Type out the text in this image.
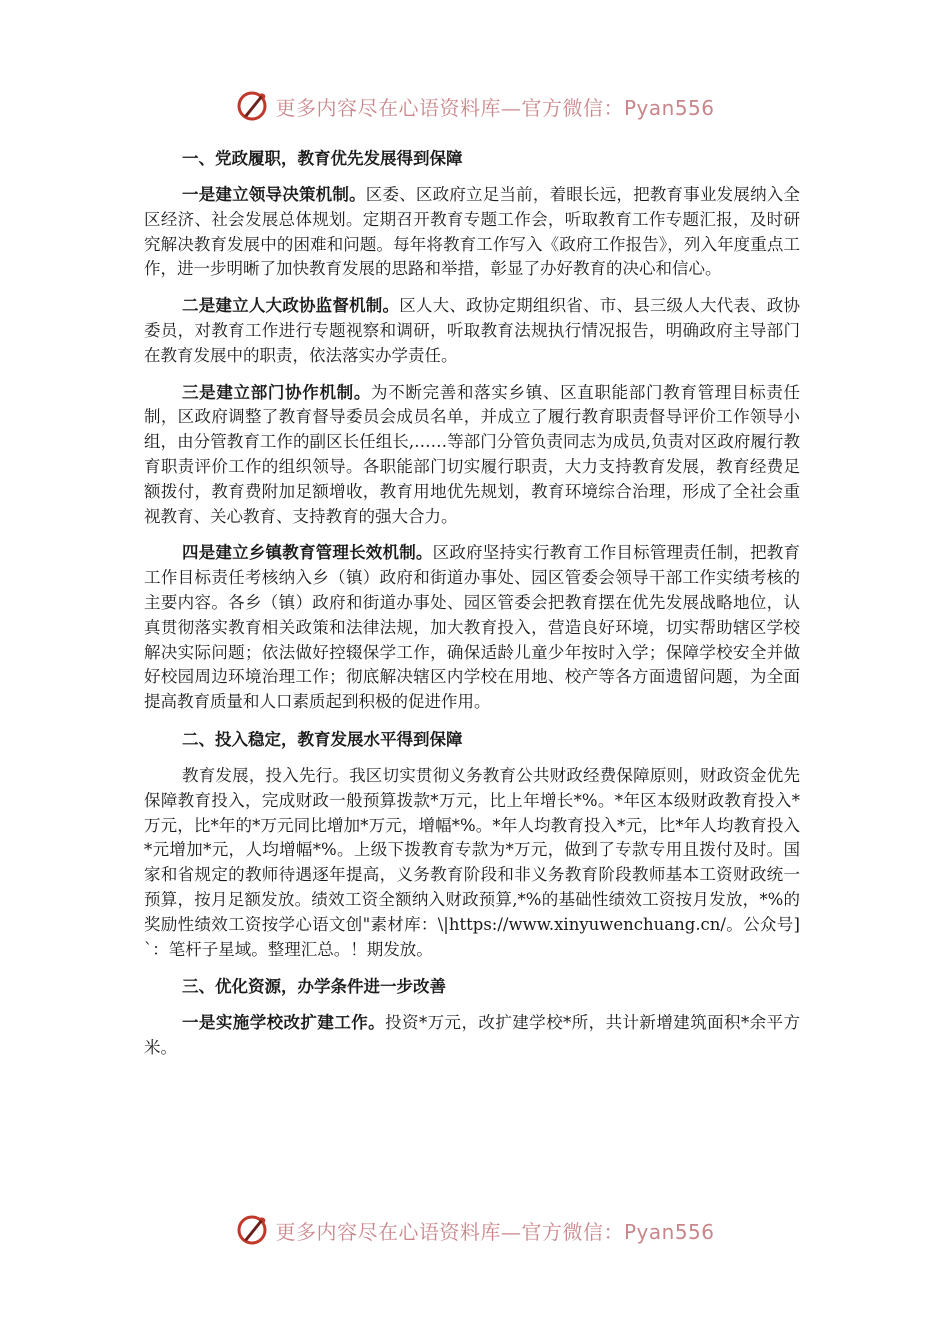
更多内容尽在心语资料库—官方微信：Pyan556
一、党政履职，教育优先发展得到保障

一是建立领导决策机制。区委、区政府立足当前，着眼长远，把教育事业发展纳入全区经济、社会发展总体规划。定期召开教育专题工作会，听取教育工作专题汇报，及时研究解决教育发展中的困难和问题。每年将教育工作写入《政府工作报告》，列入年度重点工作，进一步明晰了加快教育发展的思路和举措，彰显了办好教育的决心和信心。

二是建立人大政协监督机制。区人大、政协定期组织省、市、县三级人大代表、政协委员，对教育工作进行专题视察和调研，听取教育法规执行情况报告，明确政府主导部门在教育发展中的职责，依法落实办学责任。

三是建立部门协作机制。为不断完善和落实乡镇、区直职能部门教育管理目标责任制，区政府调整了教育督导委员会成员名单，并成立了履行教育职责督导评价工作领导小组，由分管教育工作的副区长任组长,……等部门分管负责同志为成员,负责对区政府履行教育职责评价工作的组织领导。各职能部门切实履行职责，大力支持教育发展，教育经费足额拨付，教育费附加足额增收，教育用地优先规划，教育环境综合治理，形成了全社会重视教育、关心教育、支持教育的强大合力。

四是建立乡镇教育管理长效机制。区政府坚持实行教育工作目标管理责任制，把教育工作目标责任考核纳入乡（镇）政府和街道办事处、园区管委会领导干部工作实绩考核的主要内容。各乡（镇）政府和街道办事处、园区管委会把教育摆在优先发展战略地位，认真贯彻落实教育相关政策和法律法规，加大教育投入，营造良好环境，切实帮助辖区学校解决实际问题；依法做好控辍保学工作，确保适龄儿童少年按时入学；保障学校安全并做好校园周边环境治理工作；彻底解决辖区内学校在用地、校产等各方面遗留问题，为全面提高教育质量和人口素质起到积极的促进作用。

二、投入稳定，教育发展水平得到保障

教育发展，投入先行。我区切实贯彻义务教育公共财政经费保障原则，财政资金优先保障教育投入，完成财政一般预算拨款*万元，比上年增长*%。*年区本级财政教育投入*万元，比*年的*万元同比增加*万元，增幅*%。*年人均教育投入*元，比*年人均教育投入*元增加*元，人均增幅*%。上级下拨教育专款为*万元，做到了专款专用且拨付及时。国家和省规定的教师待遇逐年提高，义务教育阶段和非义务教育阶段教师基本工资财政统一预算，按月足额发放。绩效工资全额纳入财政预算,*%的基础性绩效工资按月发放，*%的奖励性绩效工资按学心语文创"素材库：\|https://www.xinyuwenchuang.cn/。公众号]`：笔杆子星域。整理汇总。！期发放。

三、优化资源，办学条件进一步改善

一是实施学校改扩建工作。投资*万元，改扩建学校*所，共计新增建筑面积*余平方米。

更多内容尽在心语资料库—官方微信：Pyan556
